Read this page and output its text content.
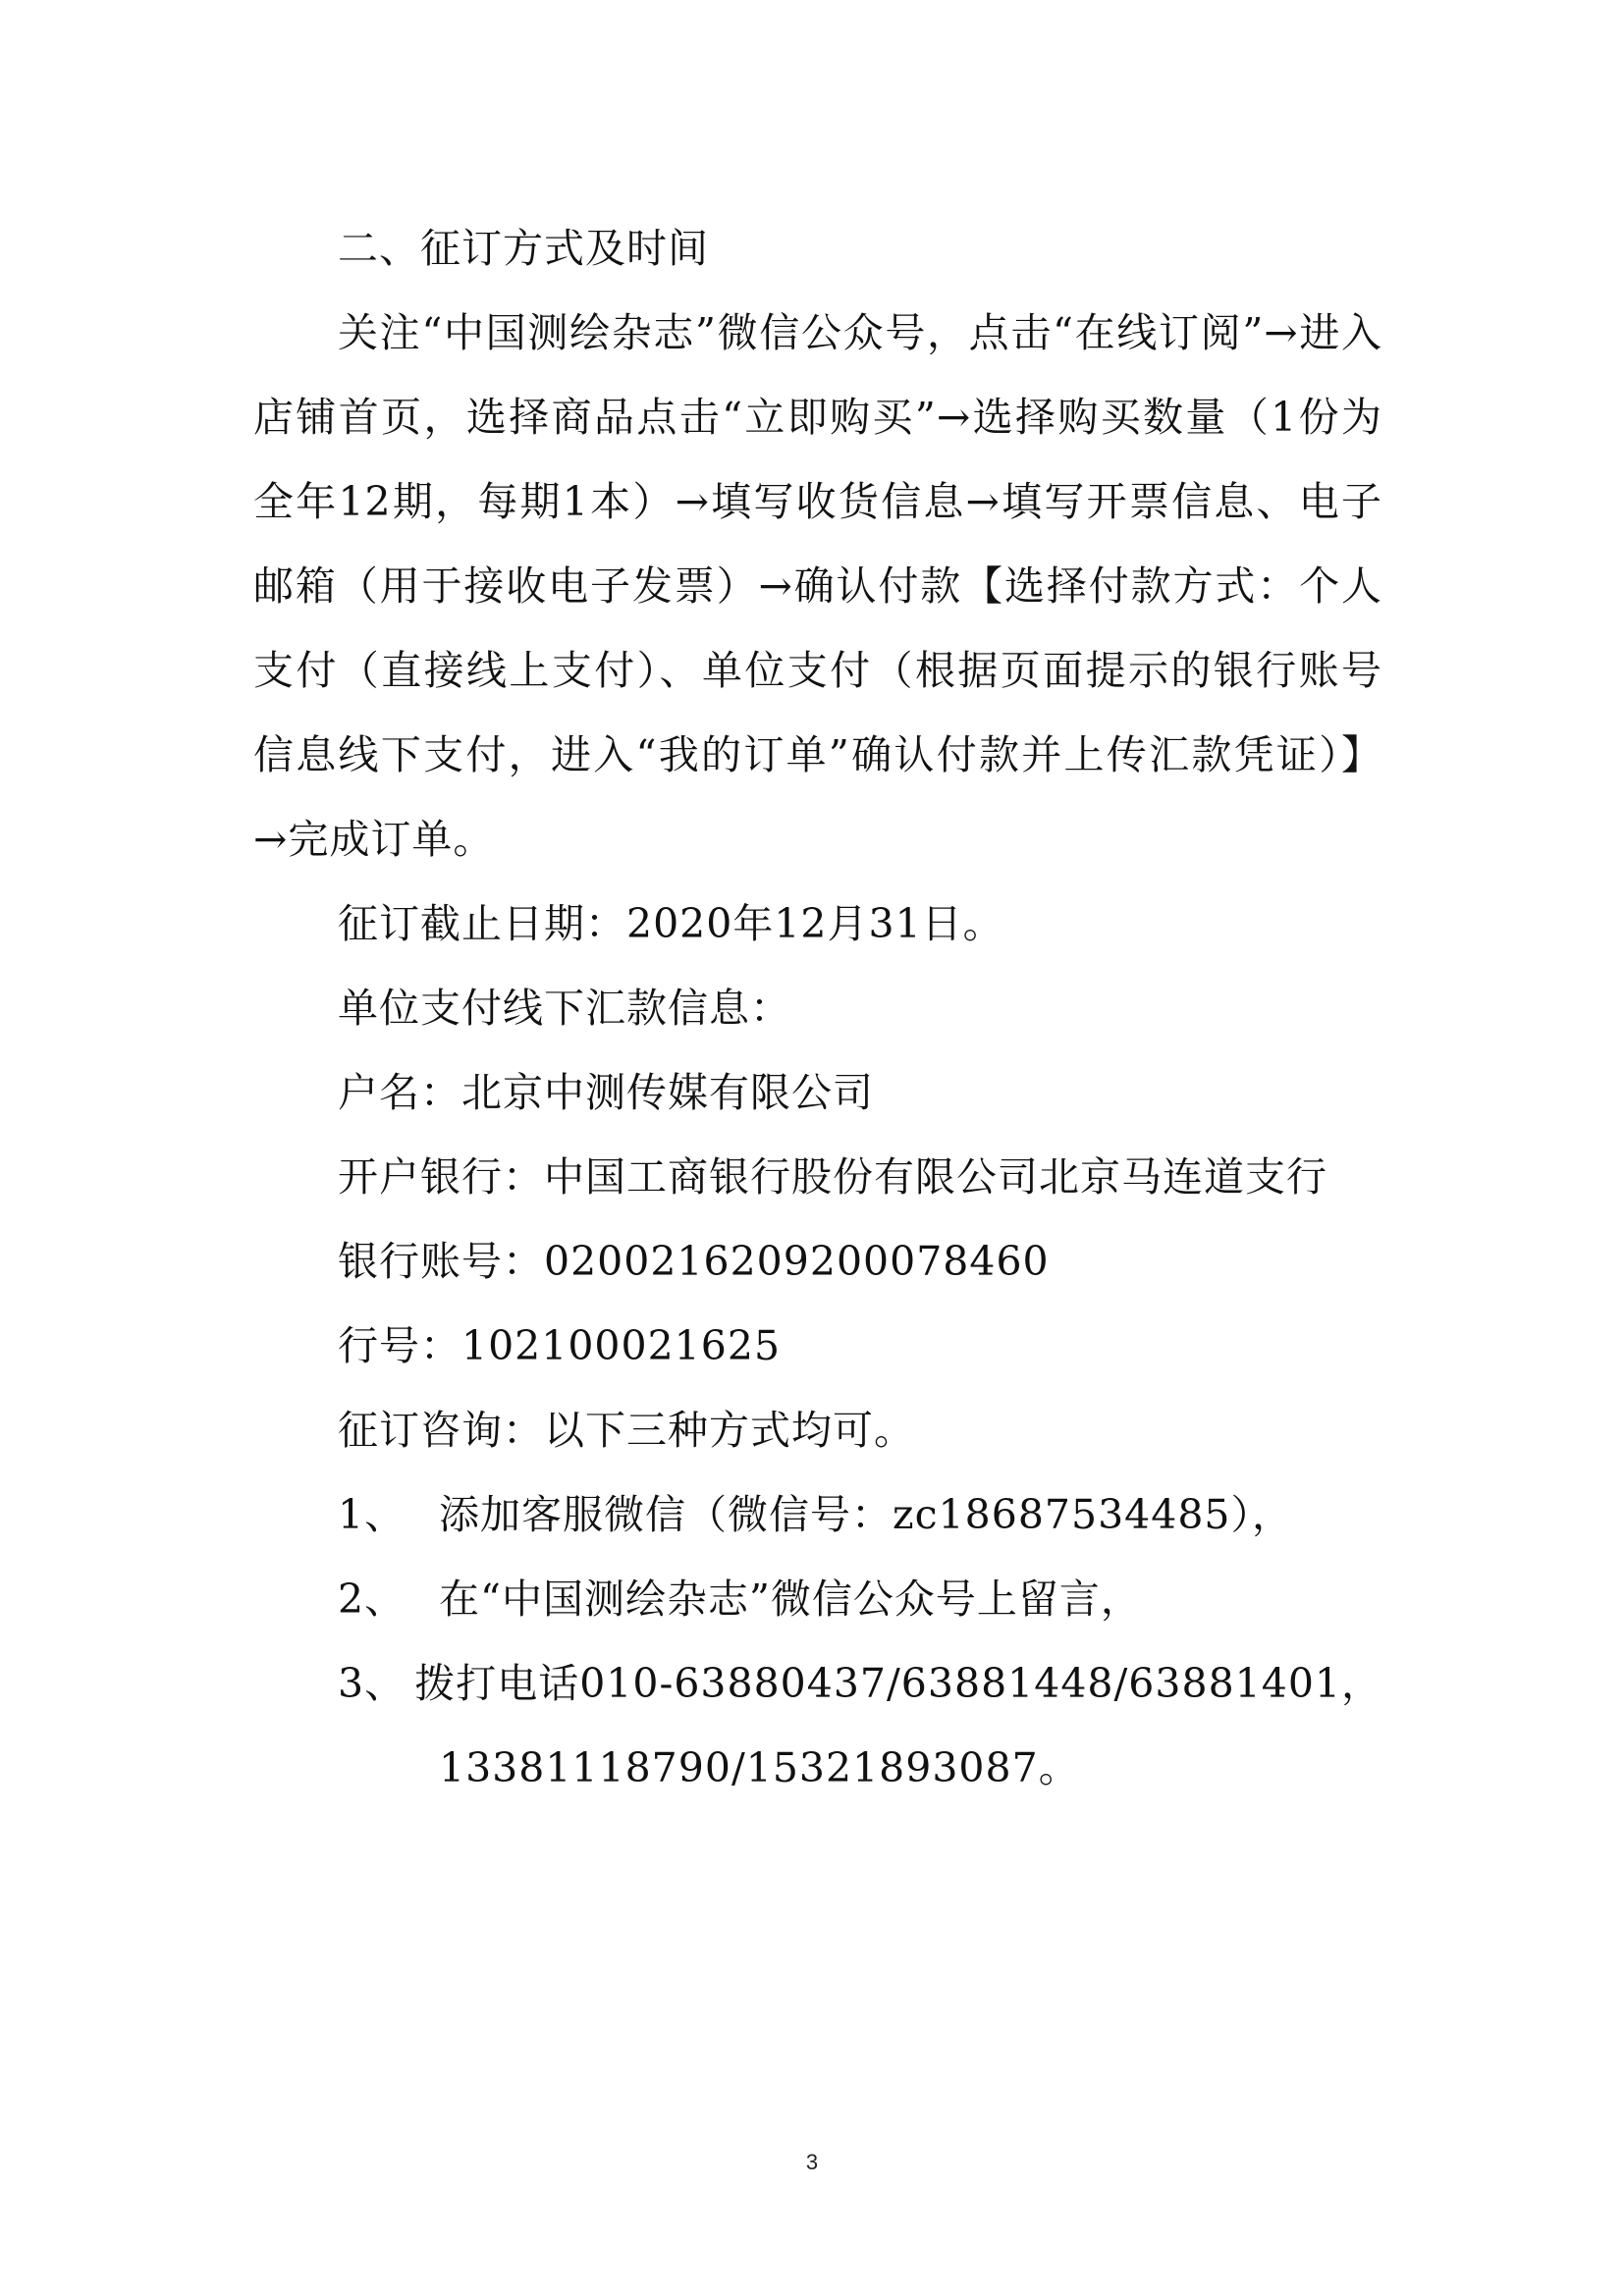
二、征订方式及时间
关注“中国测绘杂志”微信公众号，点击“在线订阅”→进入店铺首页，选择商品点击“立即购买”→选择购买数量（1份为全年12期，每期1本）→填写收货信息→填写开票信息、电子邮箱（用于接收电子发票）→确认付款【选择付款方式：个人支付（直接线上支付）、单位支付（根据页面提示的银行账号信息线下支付，进入“我的订单”确认付款并上传汇款凭证）】→完成订单。
征订截止日期：2020年12月31日。
单位支付线下汇款信息：
户名：北京中测传媒有限公司
开户银行：中国工商银行股份有限公司北京马连道支行
银行账号：0200216209200078460
行号：102100021625
征订咨询：以下三种方式均可。
1、 添加客服微信（微信号：zc18687534485），
2、 在“中国测绘杂志”微信公众号上留言，
3、 拨打电话010-63880437/63881448/63881401，
13381118790/15321893087。
3
